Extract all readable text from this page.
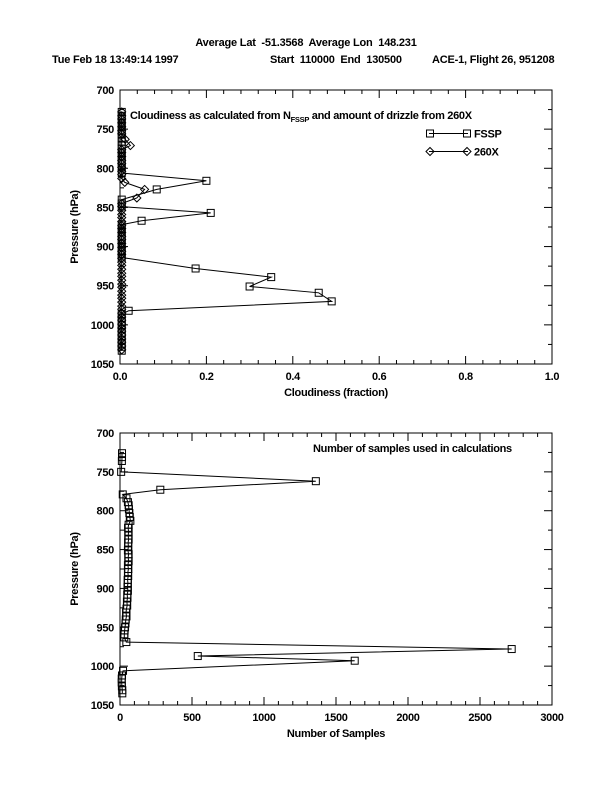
Average Lat  -51.3568  Average Lon  148.231
Tue Feb 18 13:49:14 1997	Start  110000  End  130500	ACE-1, Flight 26, 951208
Cloudiness as calculated from $N_{FSSP}$ and amount of drizzle from 260X
FSSP
260X
Cloudiness (fraction)
Pressure (hPa)
0.0	0.2	0.4	0.6	0.8	1.0
700
750
800
850
900
950
1000
1050
Number of samples used in calculations
Number of Samples
Pressure (hPa)
0	500	1000	1500	2000	2500	3000
700
750
800
850
900
950
1000
1050
